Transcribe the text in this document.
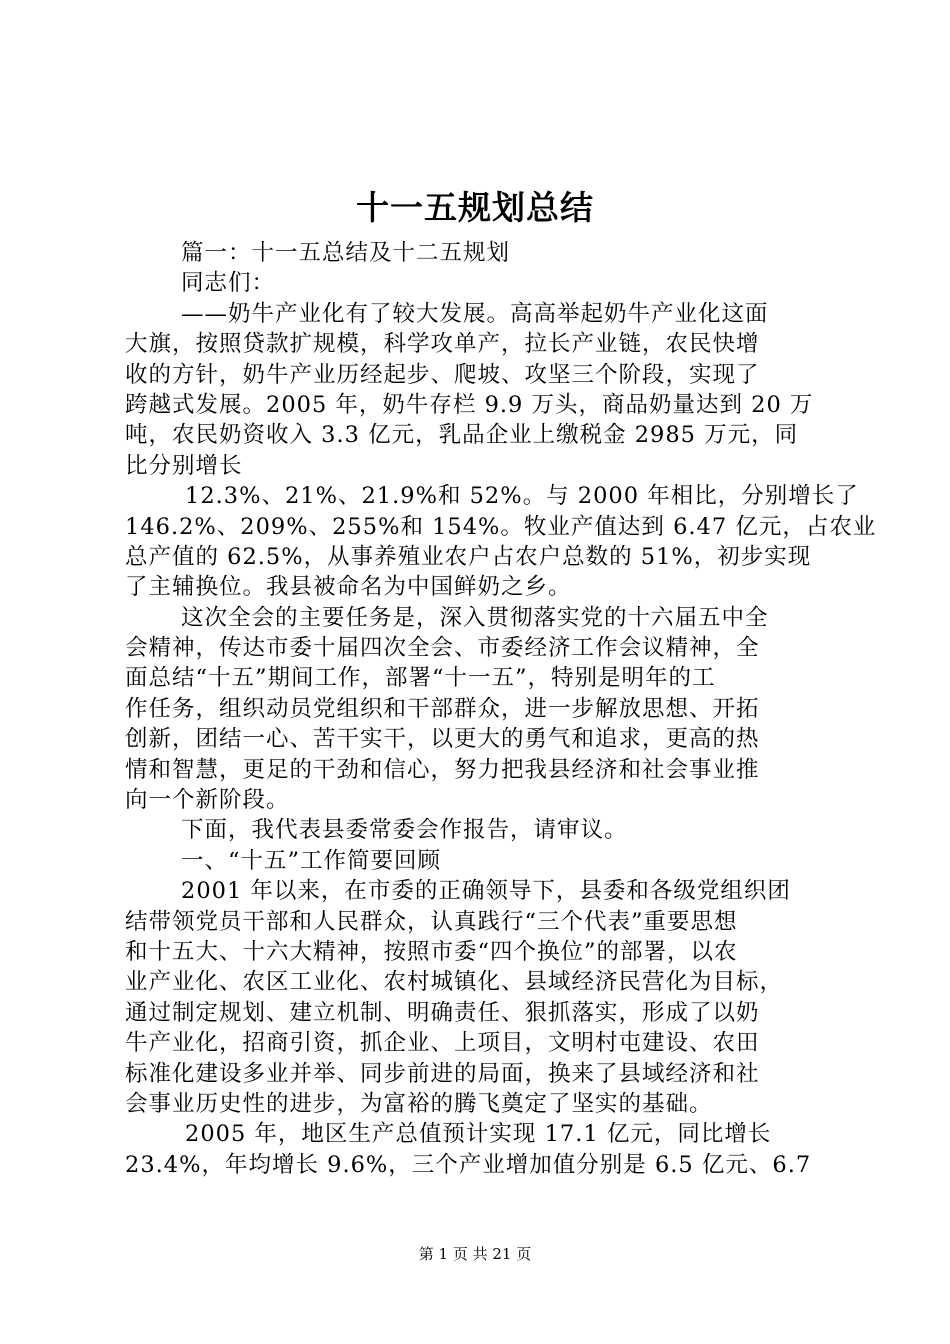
十一五规划总结
篇一：十一五总结及十二五规划
同志们：
——奶牛产业化有了较大发展。高高举起奶牛产业化这面
大旗，按照贷款扩规模，科学攻单产，拉长产业链，农民快增
收的方针，奶牛产业历经起步、爬坡、攻坚三个阶段，实现了
跨越式发展。2005 年，奶牛存栏 9.9 万头，商品奶量达到 20 万
吨，农民奶资收入 3.3 亿元，乳品企业上缴税金 2985 万元，同
比分别增长
12.3%、21%、21.9%和 52%。与 2000 年相比，分别增长了
146.2%、209%、255%和 154%。牧业产值达到 6.47 亿元，占农业
总产值的 62.5%，从事养殖业农户占农户总数的 51%，初步实现
了主辅换位。我县被命名为中国鲜奶之乡。
这次全会的主要任务是，深入贯彻落实党的十六届五中全
会精神，传达市委十届四次全会、市委经济工作会议精神，全
面总结“十五”期间工作，部署“十一五”，特别是明年的工
作任务，组织动员党组织和干部群众，进一步解放思想、开拓
创新，团结一心、苦干实干，以更大的勇气和追求，更高的热
情和智慧，更足的干劲和信心，努力把我县经济和社会事业推
向一个新阶段。
下面，我代表县委常委会作报告，请审议。
一、“十五”工作简要回顾
2001 年以来，在市委的正确领导下，县委和各级党组织团
结带领党员干部和人民群众，认真践行“三个代表”重要思想
和十五大、十六大精神，按照市委“四个换位”的部署，以农
业产业化、农区工业化、农村城镇化、县域经济民营化为目标，
通过制定规划、建立机制、明确责任、狠抓落实，形成了以奶
牛产业化，招商引资，抓企业、上项目，文明村屯建设、农田
标准化建设多业并举、同步前进的局面，换来了县域经济和社
会事业历史性的进步，为富裕的腾飞奠定了坚实的基础。
2005 年，地区生产总值预计实现 17.1 亿元，同比增长
23.4%，年均增长 9.6%，三个产业增加值分别是 6.5 亿元、6.7
第 1 页 共 21 页
